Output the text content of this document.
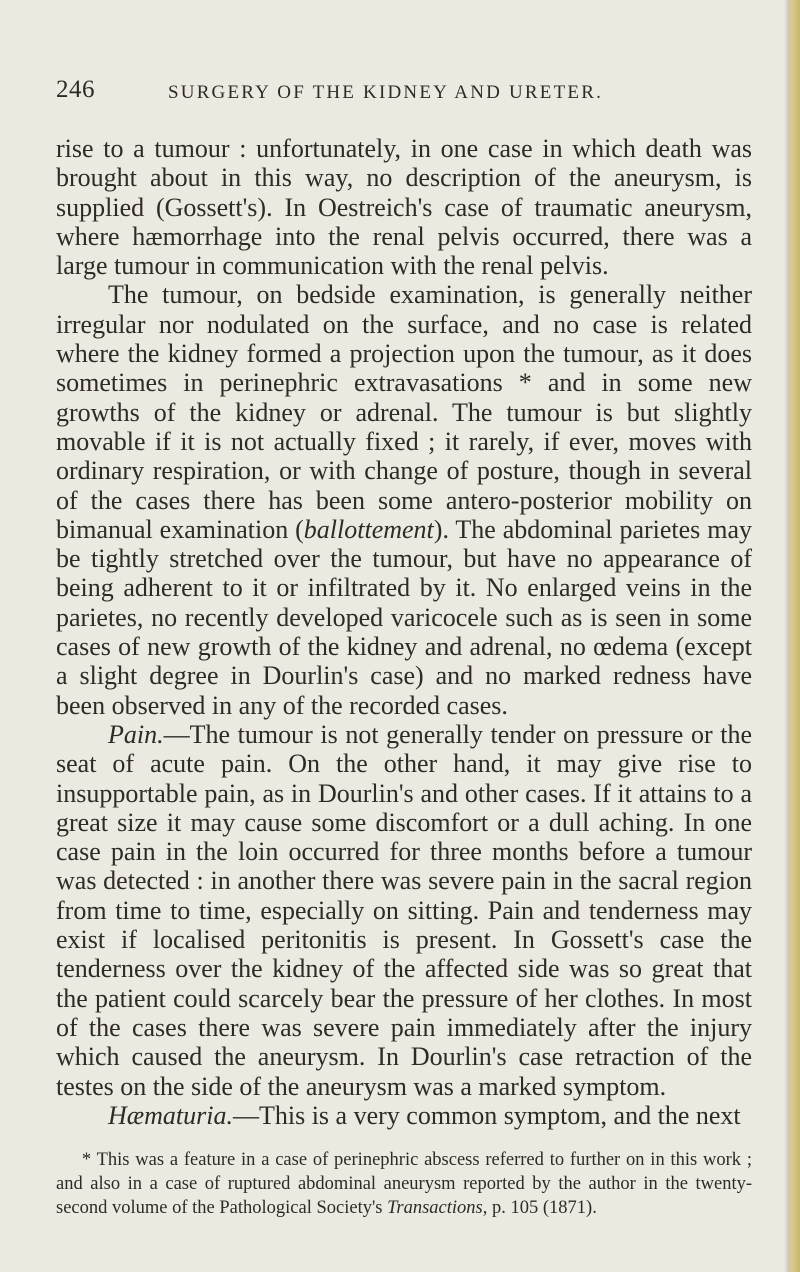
246	SURGERY OF THE KIDNEY AND URETER.

rise to a tumour : unfortunately, in one case in which death was brought about in this way, no description of the aneurysm, is supplied (Gossett's). In Oestreich's case of traumatic aneurysm, where hæmorrhage into the renal pelvis occurred, there was a large tumour in communication with the renal pelvis.

The tumour, on bedside examination, is generally neither irregular nor nodulated on the surface, and no case is related where the kidney formed a projection upon the tumour, as it does sometimes in perinephric extravasations * and in some new growths of the kidney or adrenal. The tumour is but slightly movable if it is not actually fixed ; it rarely, if ever, moves with ordinary respiration, or with change of posture, though in several of the cases there has been some antero-posterior mobility on bimanual examination (ballottement). The abdominal parietes may be tightly stretched over the tumour, but have no appearance of being adherent to it or infiltrated by it. No enlarged veins in the parietes, no recently developed varicocele such as is seen in some cases of new growth of the kidney and adrenal, no œdema (except a slight degree in Dourlin's case) and no marked redness have been observed in any of the recorded cases.

Pain.—The tumour is not generally tender on pressure or the seat of acute pain. On the other hand, it may give rise to insupportable pain, as in Dourlin's and other cases. If it attains to a great size it may cause some discomfort or a dull aching. In one case pain in the loin occurred for three months before a tumour was detected : in another there was severe pain in the sacral region from time to time, especially on sitting. Pain and tenderness may exist if localised peritonitis is present. In Gossett's case the tenderness over the kidney of the affected side was so great that the patient could scarcely bear the pressure of her clothes. In most of the cases there was severe pain immediately after the injury which caused the aneurysm. In Dourlin's case retraction of the testes on the side of the aneurysm was a marked symptom.

Hæmaturia.—This is a very common symptom, and the next

* This was a feature in a case of perinephric abscess referred to further on in this work ; and also in a case of ruptured abdominal aneurysm reported by the author in the twenty-second volume of the Pathological Society's Transactions, p. 105 (1871).
